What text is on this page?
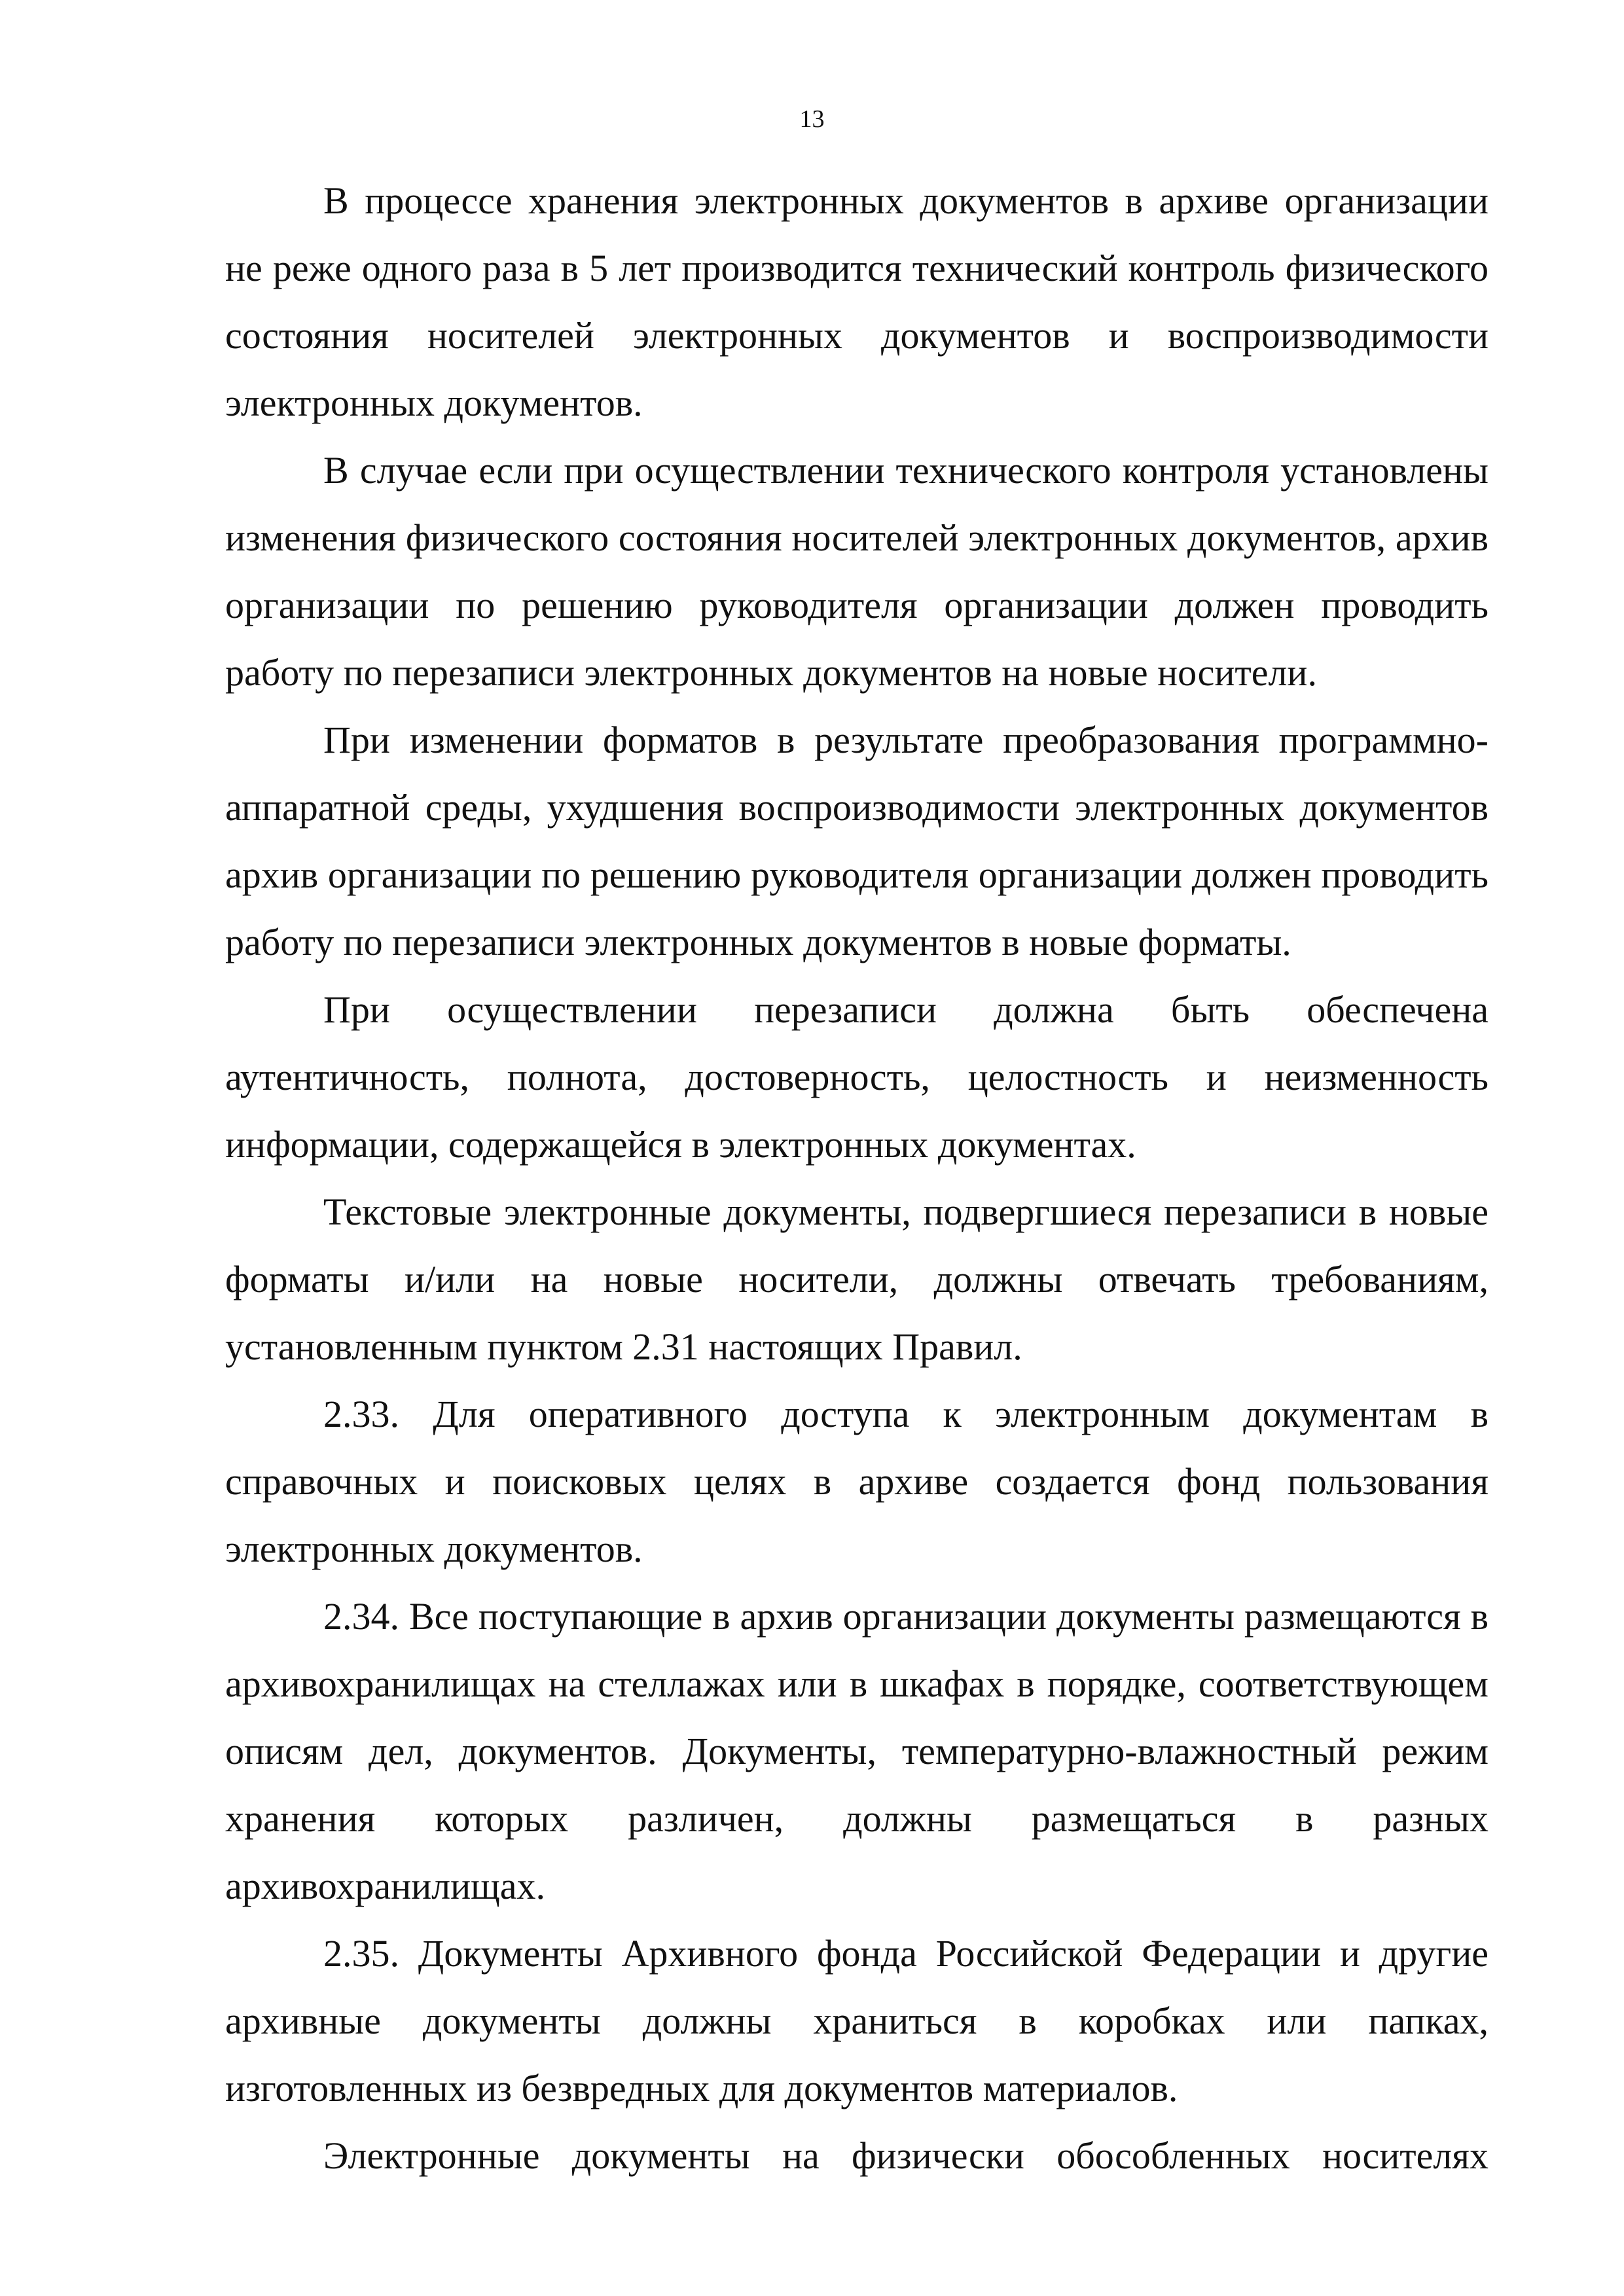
13

В процессе хранения электронных документов в архиве организации не реже одного раза в 5 лет производится технический контроль физического состояния носителей электронных документов и воспроизводимости электронных документов.

В случае если при осуществлении технического контроля установлены изменения физического состояния носителей электронных документов, архив организации по решению руководителя организации должен проводить работу по перезаписи электронных документов на новые носители.

При изменении форматов в результате преобразования программно-аппаратной среды, ухудшения воспроизводимости электронных документов архив организации по решению руководителя организации должен проводить работу по перезаписи электронных документов в новые форматы.

При осуществлении перезаписи должна быть обеспечена аутентичность, полнота, достоверность, целостность и неизменность информации, содержащейся в электронных документах.

Текстовые электронные документы, подвергшиеся перезаписи в новые форматы и/или на новые носители, должны отвечать требованиям, установленным пунктом 2.31 настоящих Правил.

2.33. Для оперативного доступа к электронным документам в справочных и поисковых целях в архиве создается фонд пользования электронных документов.

2.34. Все поступающие в архив организации документы размещаются в архивохранилищах на стеллажах или в шкафах в порядке, соответствующем описям дел, документов. Документы, температурно-влажностный режим хранения которых различен, должны размещаться в разных архивохранилищах.

2.35. Документы Архивного фонда Российской Федерации и другие архивные документы должны храниться в коробках или папках, изготовленных из безвредных для документов материалов.

Электронные документы на физически обособленных носителях
